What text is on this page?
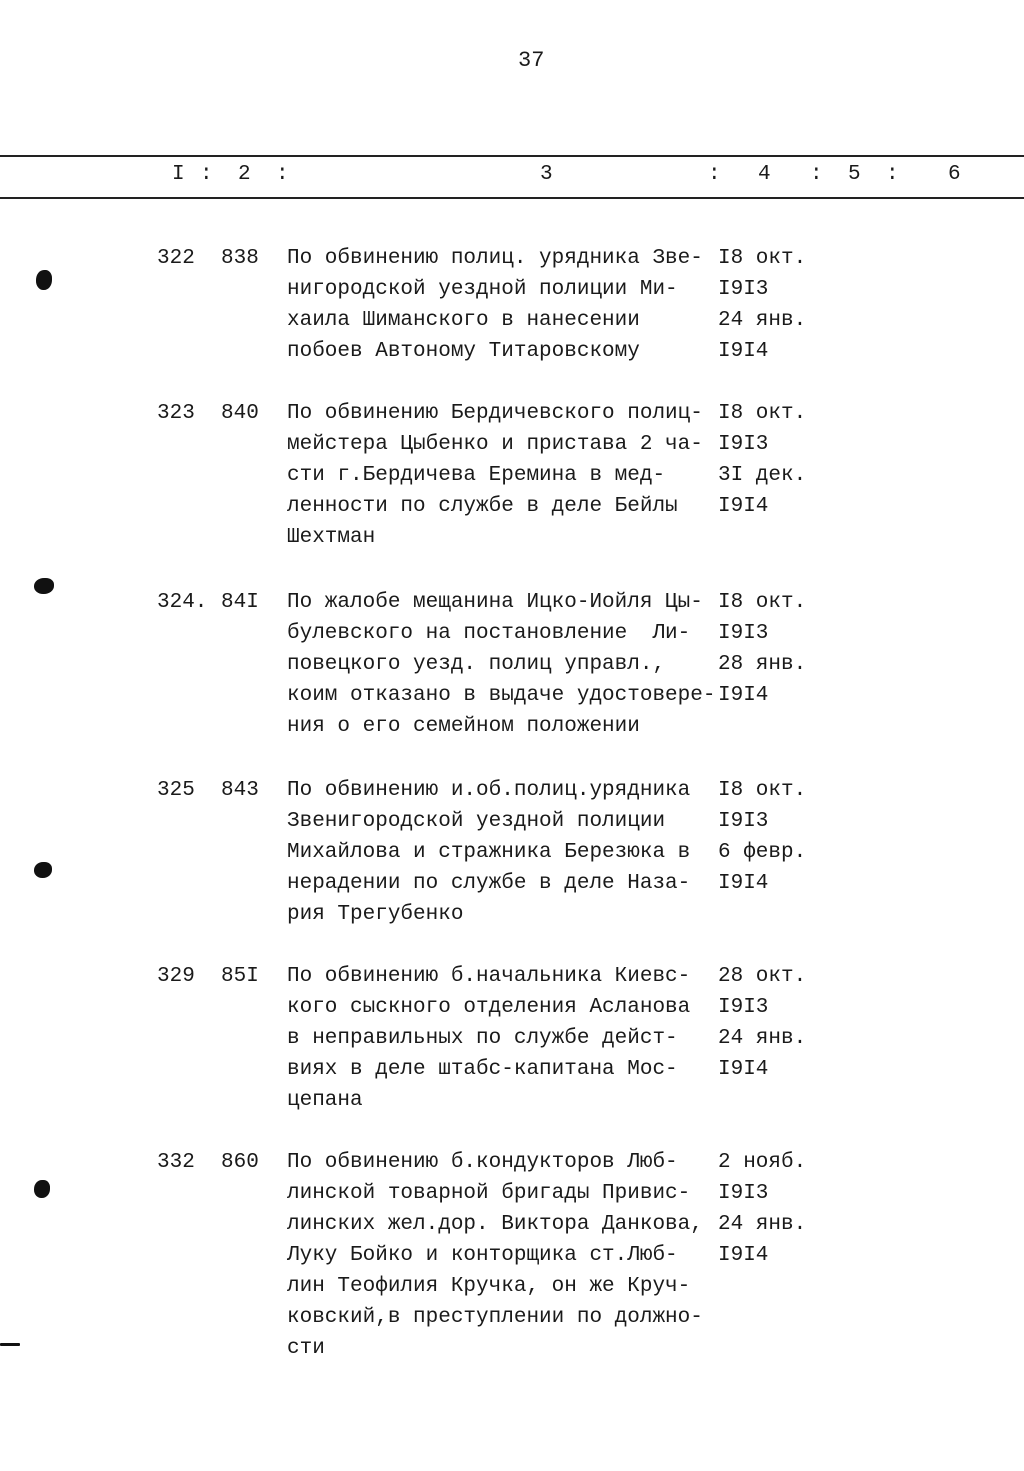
37
I : 2 :	3	: 4 : 5 : 6
322 838 По обвинению полиц. урядника Зве-
нигородской уездной полиции Ми-
хаила Шиманского в нанесении
побоев Автоному Титаровскому
I8 окт.
I9I3
24 янв.
I9I4
323 840 По обвинению Бердичевского полиц-
мейстера Цыбенко и пристава 2 ча-
сти г.Бердичева Еремина в мед-
ленности по службе в деле Бейлы
Шехтман
I8 окт.
I9I3
3I дек.
I9I4
324. 84I По жалобе мещанина Ицко-Иойля Цы-
булевского на постановление  Ли-
повецкого уезд. полиц управл.,
коим отказано в выдаче удостовере-
ния о его семейном положении
I8 окт.
I9I3
28 янв.
I9I4
325 843 По обвинению и.об.полиц.урядника
Звенигородской уездной полиции
Михайлова и стражника Березюка в
нерадении по службе в деле Наза-
рия Трегубенко
I8 окт.
I9I3
6 февр.
I9I4
329 85I По обвинению б.начальника Киевс-
кого сыскного отделения Асланова
в неправильных по службе дейст-
виях в деле штабс-капитана Мос-
цепана
28 окт.
I9I3
24 янв.
I9I4
332 860 По обвинению б.кондукторов Люб-
линской товарной бригады Привис-
линских жел.дор. Виктора Данкова,
Луку Бойко и конторщика ст.Люб-
лин Теофилия Кручка, он же Круч-
ковский,в преступлении по должно-
сти
2 нояб.
I9I3
24 янв.
I9I4
